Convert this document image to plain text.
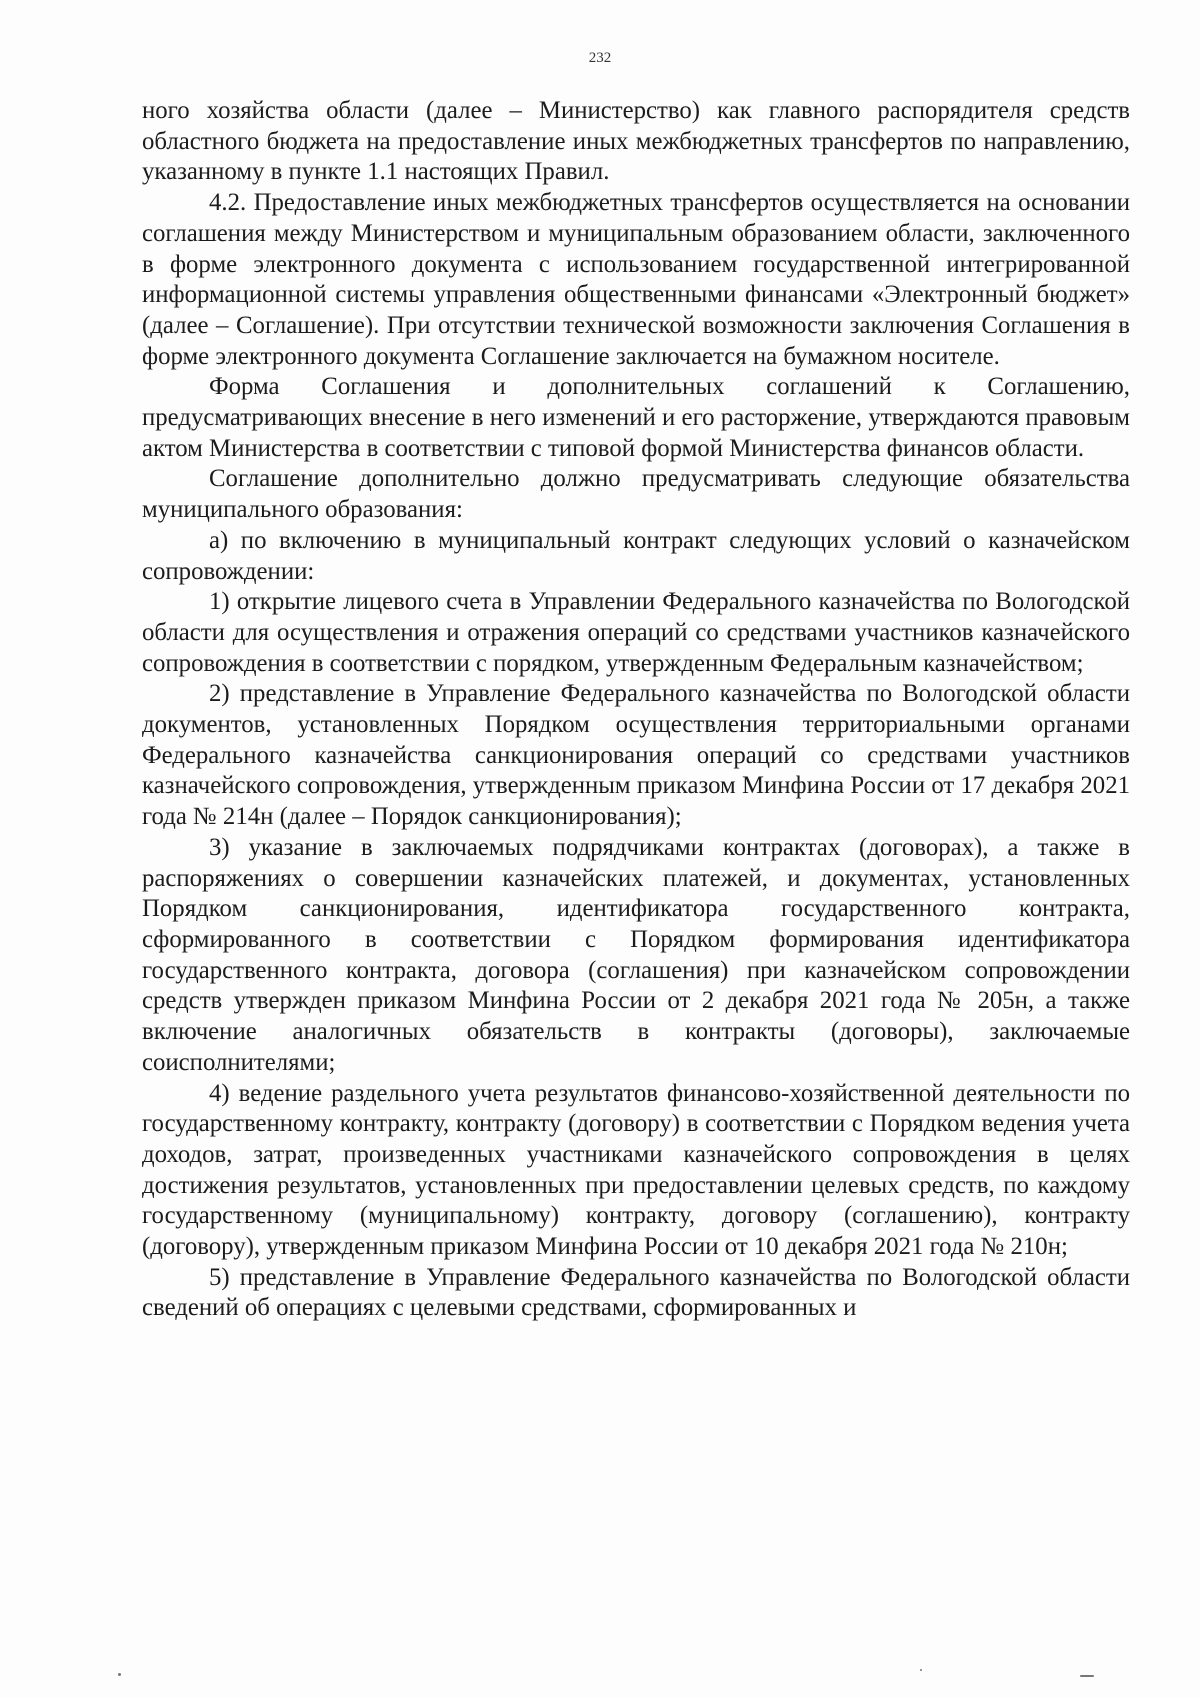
232

ного хозяйства области (далее – Министерство) как главного распорядителя средств областного бюджета на предоставление иных межбюджетных трансфертов по направлению, указанному в пункте 1.1 настоящих Правил.

4.2. Предоставление иных межбюджетных трансфертов осуществляется на основании соглашения между Министерством и муниципальным образованием области, заключенного в форме электронного документа с использованием государственной интегрированной информационной системы управления общественными финансами «Электронный бюджет» (далее – Соглашение). При отсутствии технической возможности заключения Соглашения в форме электронного документа Соглашение заключается на бумажном носителе.

Форма Соглашения и дополнительных соглашений к Соглашению, предусматривающих внесение в него изменений и его расторжение, утверждаются правовым актом Министерства в соответствии с типовой формой Министерства финансов области.

Соглашение дополнительно должно предусматривать следующие обязательства муниципального образования:

а) по включению в муниципальный контракт следующих условий о казначейском сопровождении:

1) открытие лицевого счета в Управлении Федерального казначейства по Вологодской области для осуществления и отражения операций со средствами участников казначейского сопровождения в соответствии с порядком, утвержденным Федеральным казначейством;

2) представление в Управление Федерального казначейства по Вологодской области документов, установленных Порядком осуществления территориальными органами Федерального казначейства санкционирования операций со средствами участников казначейского сопровождения, утвержденным приказом Минфина России от 17 декабря 2021 года № 214н (далее – Порядок санкционирования);

3) указание в заключаемых подрядчиками контрактах (договорах), а также в распоряжениях о совершении казначейских платежей, и документах, установленных Порядком санкционирования, идентификатора государственного контракта, сформированного в соответствии с Порядком формирования идентификатора государственного контракта, договора (соглашения) при казначейском сопровождении средств утвержден приказом Минфина России от 2 декабря 2021 года № 205н, а также включение аналогичных обязательств в контракты (договоры), заключаемые соисполнителями;

4) ведение раздельного учета результатов финансово-хозяйственной деятельности по государственному контракту, контракту (договору) в соответствии с Порядком ведения учета доходов, затрат, произведенных участниками казначейского сопровождения в целях достижения результатов, установленных при предоставлении целевых средств, по каждому государственному (муниципальному) контракту, договору (соглашению), контракту (договору), утвержденным приказом Минфина России от 10 декабря 2021 года № 210н;

5) представление в Управление Федерального казначейства по Вологодской области сведений об операциях с целевыми средствами, сформированных и
